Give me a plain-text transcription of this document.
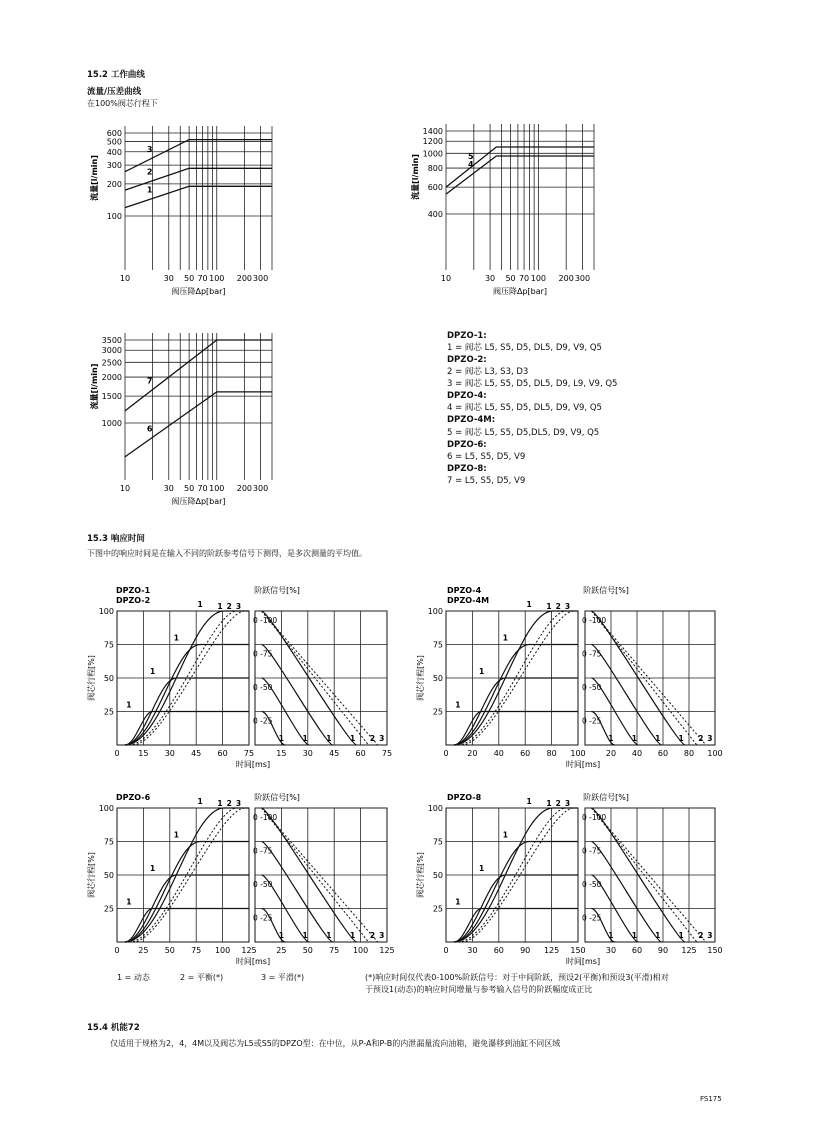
15.2 工作曲线
流量/压差曲线
在100%阀芯行程下
DPZO-1:
1 = 阀芯 L5, S5, D5, DL5, D9, V9, Q5
DPZO-2:
2 = 阀芯 L3, S3, D3
3 = 阀芯 L5, S5, D5, DL5, D9, L9, V9, Q5
DPZO-4:
4 = 阀芯 L5, S5, D5, DL5, D9, V9, Q5
DPZO-4M:
5 = 阀芯 L5, S5, D5,DL5, D9, V9, Q5
DPZO-6:
6 = L5, S5, D5, V9
DPZO-8:
7 = L5, S5, D5, V9
15.3 响应时间
下图中的响应时间是在输入不同的阶跃参考信号下测得，是多次测量的平均值。
1 = 动态	2 = 平衡(*)	3 = 平滑(*)	(*)响应时间仅代表0-100%阶跃信号：对于中间阶跃，预设2(平衡)和预设3(平滑)相对
于预设1(动态)的响应时间增量与参考输入信号的阶跃幅度成正比
15.4 机能72
仅适用于规格为2，4，4M以及阀芯为L5或S5的DPZO型：在中位，从P-A和P-B的内泄漏量流向油箱，避免瀑移到油缸不同区域
FS175
600
500
400
300
200
100
10	30 50 70 100 200 300
阀压降Δp[bar]
流量[l/min]	1
2
3
1400
1200
1000
800
600
400
10	30 50 70 100 200 300
阀压降Δp[bar]
流量[l/min]	4
5
3500
3000
2500
2000
1500
1000
10	30 50 70 100 200 300
阀压降Δp[bar]
流量[l/min]
6
7
DPZO-1
DPZO-2
阶跃信号[%]
阀芯行程[%]
100
75
50
25
0 15	15
30	30
45	45
60	60
75	75
时间[ms]
0 -100
0 -75
0 -50
0 -25
1
1
1
1
1 2 3
1
1
1
1	2 3
DPZO-4
DPZO-4M
阶跃信号[%]
阀芯行程[%]
100
75
50
25
0 20	20
40	40
60	60
80	80
100	100
时间[ms]
0 -100
0 -75
0 -50
0 -25
1
1
1
1
1 2 3
1
1
1
1	2 3
DPZO-6	阶跃信号[%]
阀芯行程[%]
100
75
50
25
0 25	25
50	50
75	75
100	100
125	125
时间[ms]
0 -100
0 -75
0 -50
0 -25
1
1
1
1
1 2 3
1
1
1
1	2 3
DPZO-8	阶跃信号[%]
阀芯行程[%]
100
75
50
25
0 30	30
60	60
90	90
125	125
150	150
时间[ms]
0 -100
0 -75
0 -50
0 -25
1
1
1
1
1 2 3
1
1
1
1	2 3
